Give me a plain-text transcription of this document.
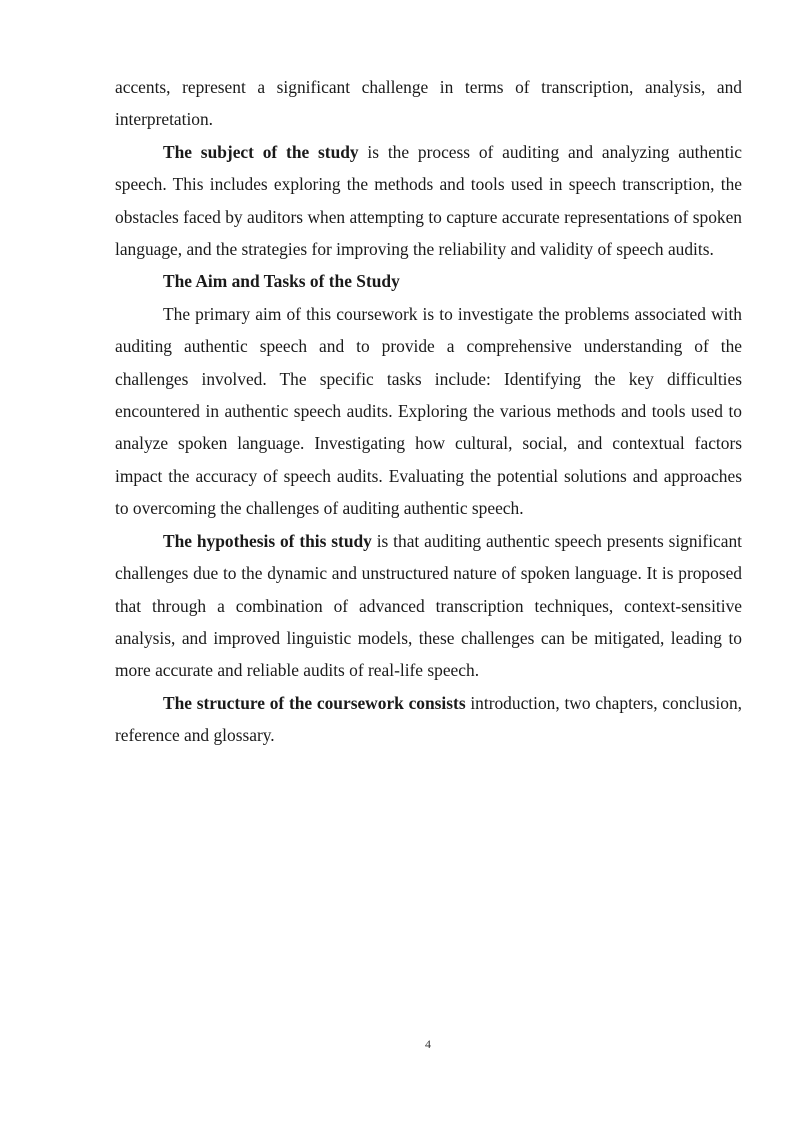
accents, represent a significant challenge in terms of transcription, analysis, and interpretation.

The subject of the study is the process of auditing and analyzing authentic speech. This includes exploring the methods and tools used in speech transcription, the obstacles faced by auditors when attempting to capture accurate representations of spoken language, and the strategies for improving the reliability and validity of speech audits.

The Aim and Tasks of the Study

The primary aim of this coursework is to investigate the problems associated with auditing authentic speech and to provide a comprehensive understanding of the challenges involved. The specific tasks include: Identifying the key difficulties encountered in authentic speech audits. Exploring the various methods and tools used to analyze spoken language. Investigating how cultural, social, and contextual factors impact the accuracy of speech audits. Evaluating the potential solutions and approaches to overcoming the challenges of auditing authentic speech.

The hypothesis of this study is that auditing authentic speech presents significant challenges due to the dynamic and unstructured nature of spoken language. It is proposed that through a combination of advanced transcription techniques, context-sensitive analysis, and improved linguistic models, these challenges can be mitigated, leading to more accurate and reliable audits of real-life speech.

The structure of the coursework consists introduction, two chapters, conclusion, reference and glossary.

4
